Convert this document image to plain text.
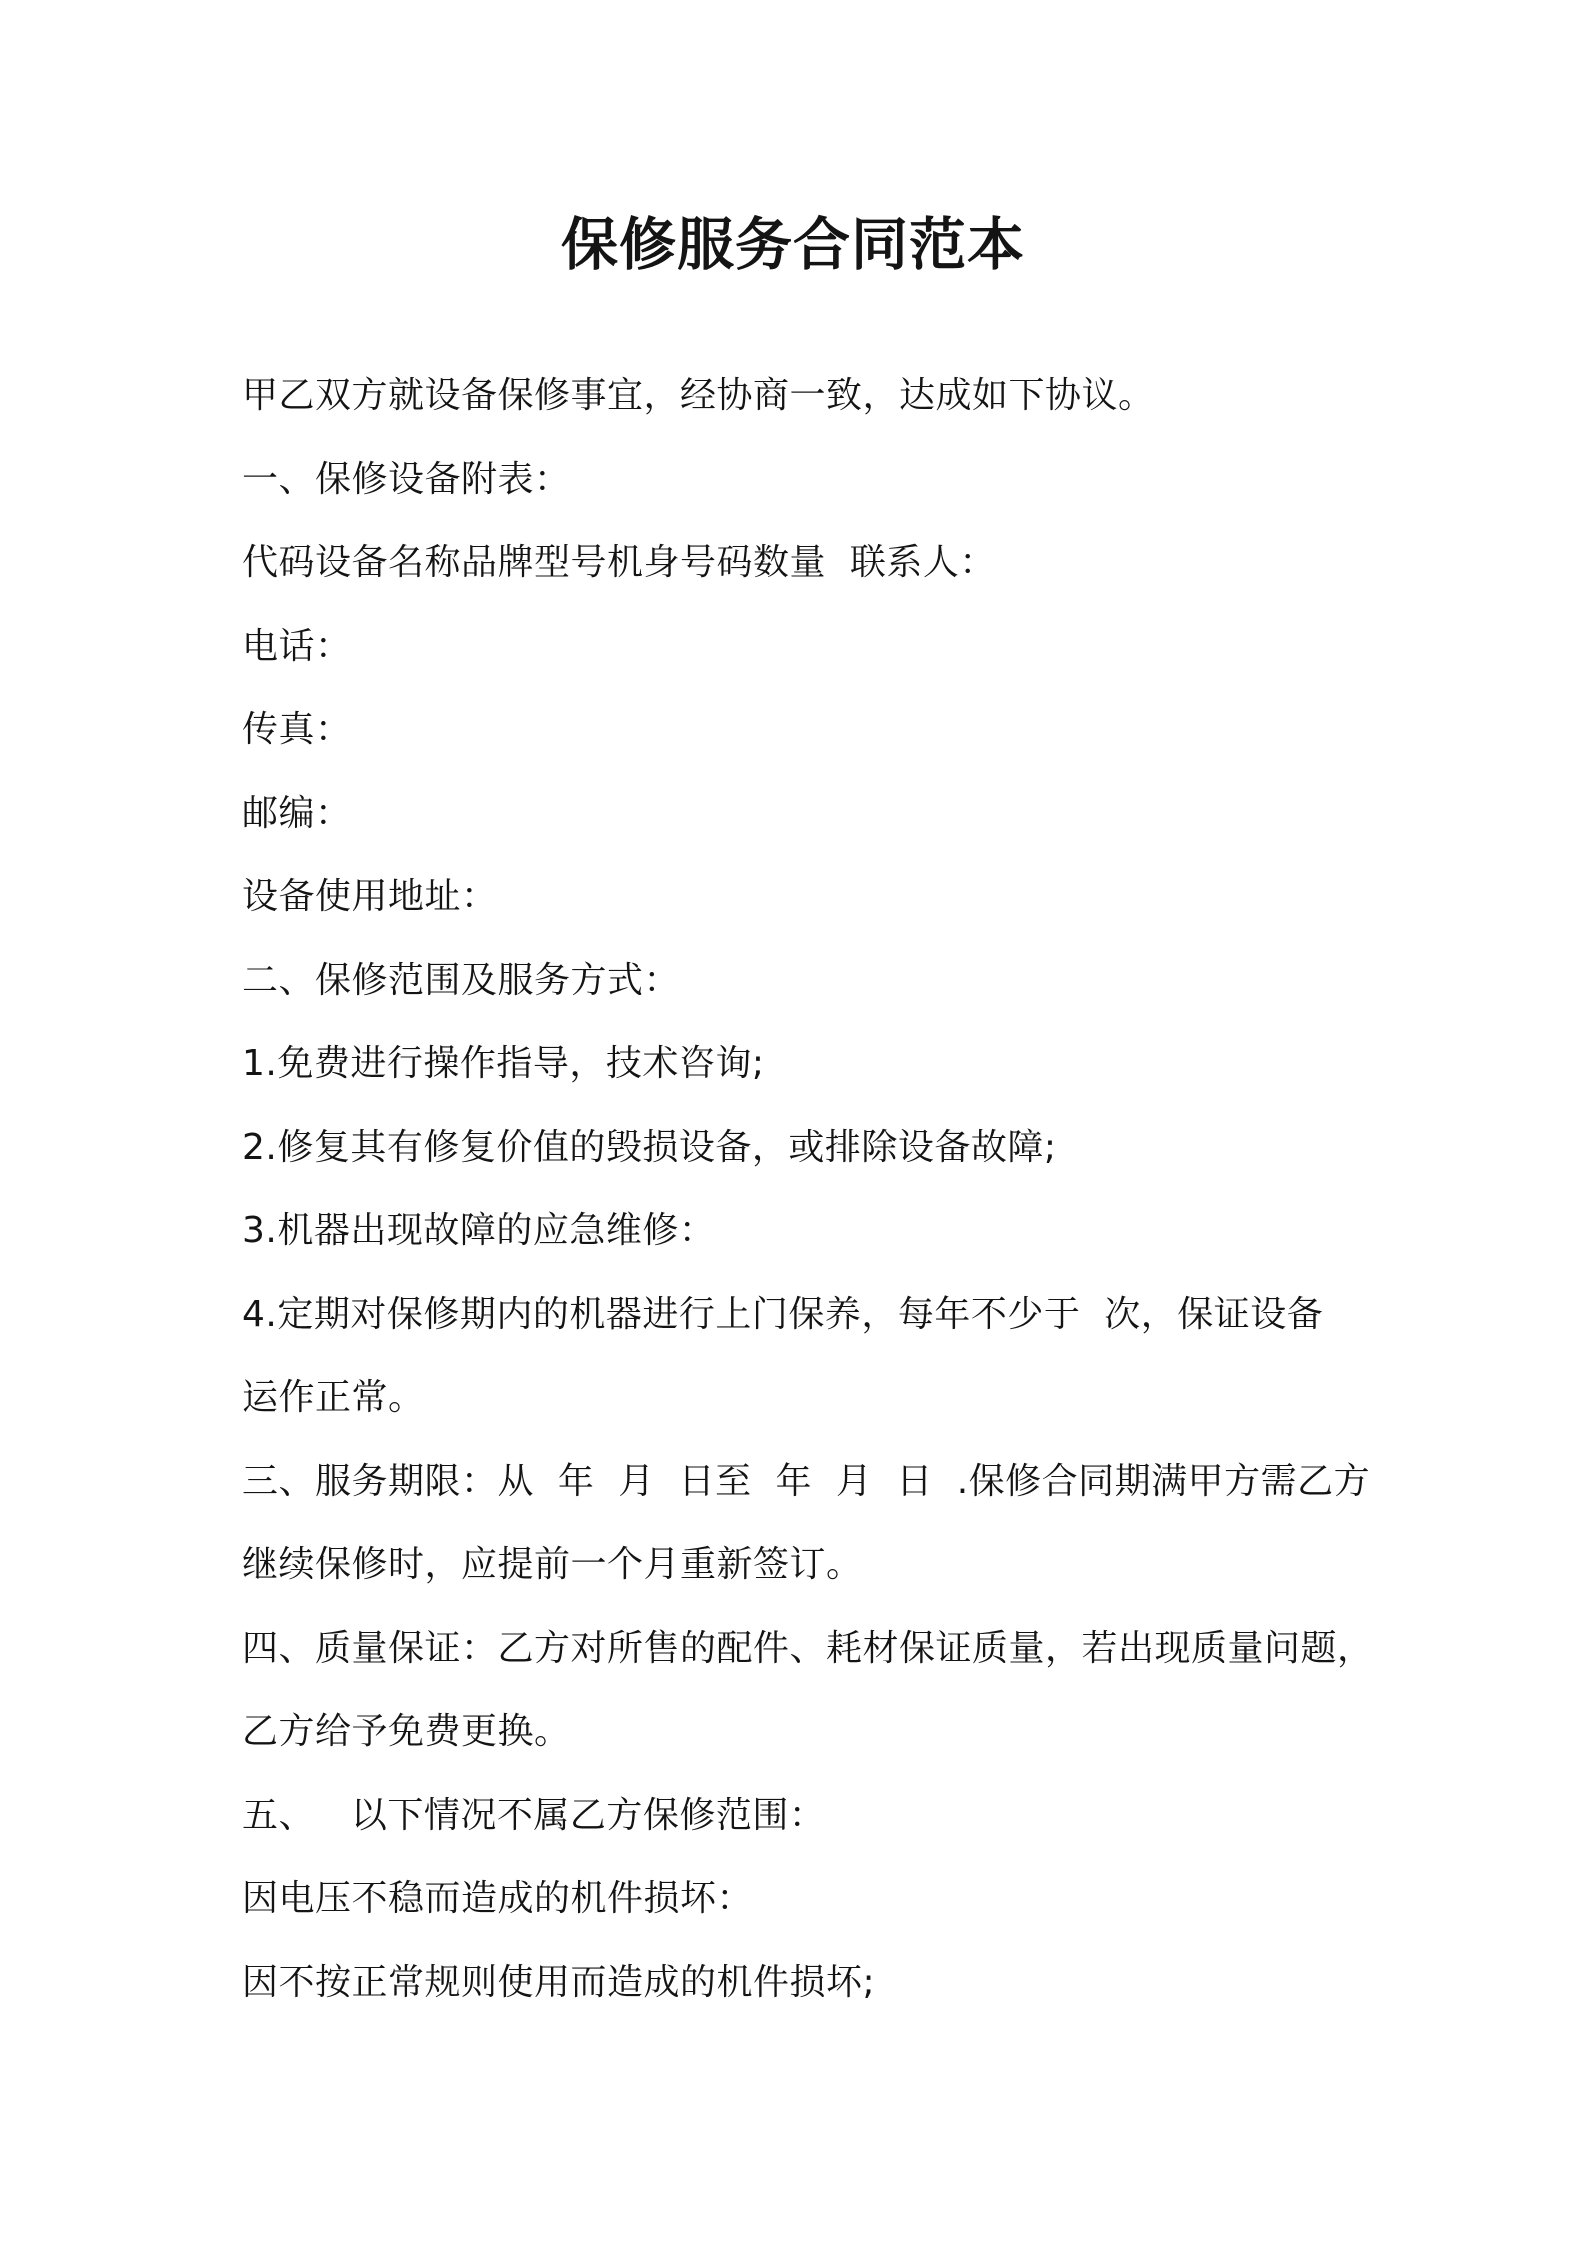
保修服务合同范本

甲乙双方就设备保修事宜，经协商一致，达成如下协议。

一、保修设备附表：

代码设备名称品牌型号机身号码数量  联系人：

电话：

传真：

邮编：

设备使用地址：

二、保修范围及服务方式：

1.免费进行操作指导，技术咨询;

2.修复其有修复价值的毁损设备，或排除设备故障;

3.机器出现故障的应急维修：

4.定期对保修期内的机器进行上门保养，每年不少于  次，保证设备

运作正常。

三、服务期限：从  年  月  日至  年  月  日  .保修合同期满甲方需乙方

继续保修时，应提前一个月重新签订。

四、质量保证：乙方对所售的配件、耗材保证质量，若出现质量问题，

乙方给予免费更换。

五、   以下情况不属乙方保修范围：

因电压不稳而造成的机件损坏：

因不按正常规则使用而造成的机件损坏;
